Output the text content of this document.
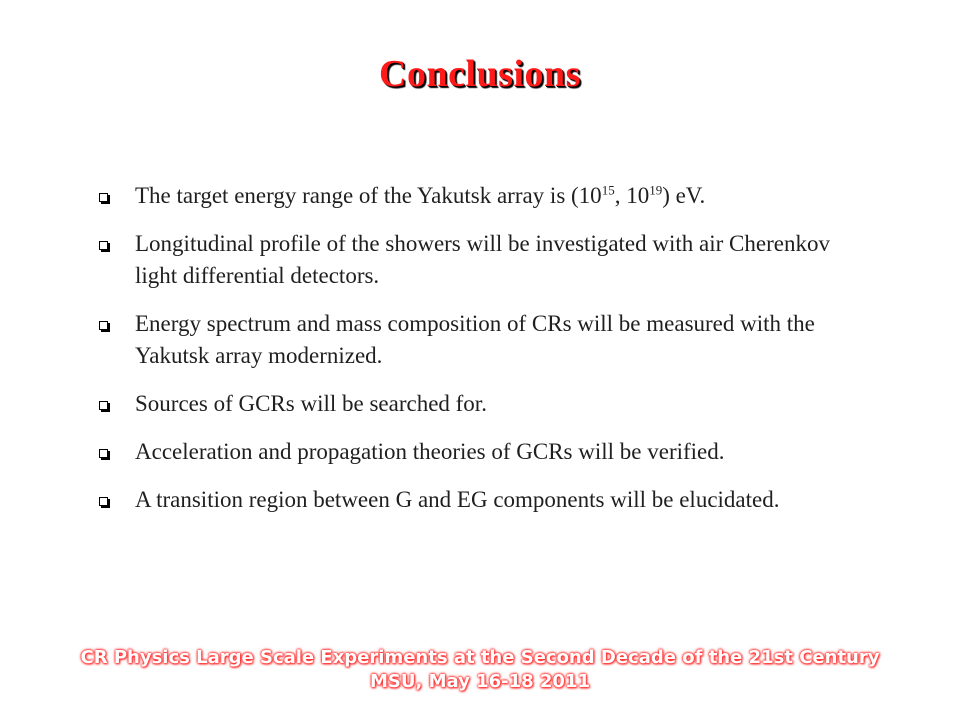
Conclusions
The target energy range of the Yakutsk array is ($10^{15}$, $10^{19}$) eV.
Longitudinal profile of the showers will be investigated with air Cherenkov light differential detectors.
Energy spectrum and mass composition of CRs will be measured with the Yakutsk array modernized.
Sources of GCRs will be searched for.
Acceleration and propagation theories of GCRs will be verified.
A transition region between G and EG components will be elucidated.
CR Physics Large Scale Experiments at the Second Decade of the 21st Century
MSU, May 16-18 2011
